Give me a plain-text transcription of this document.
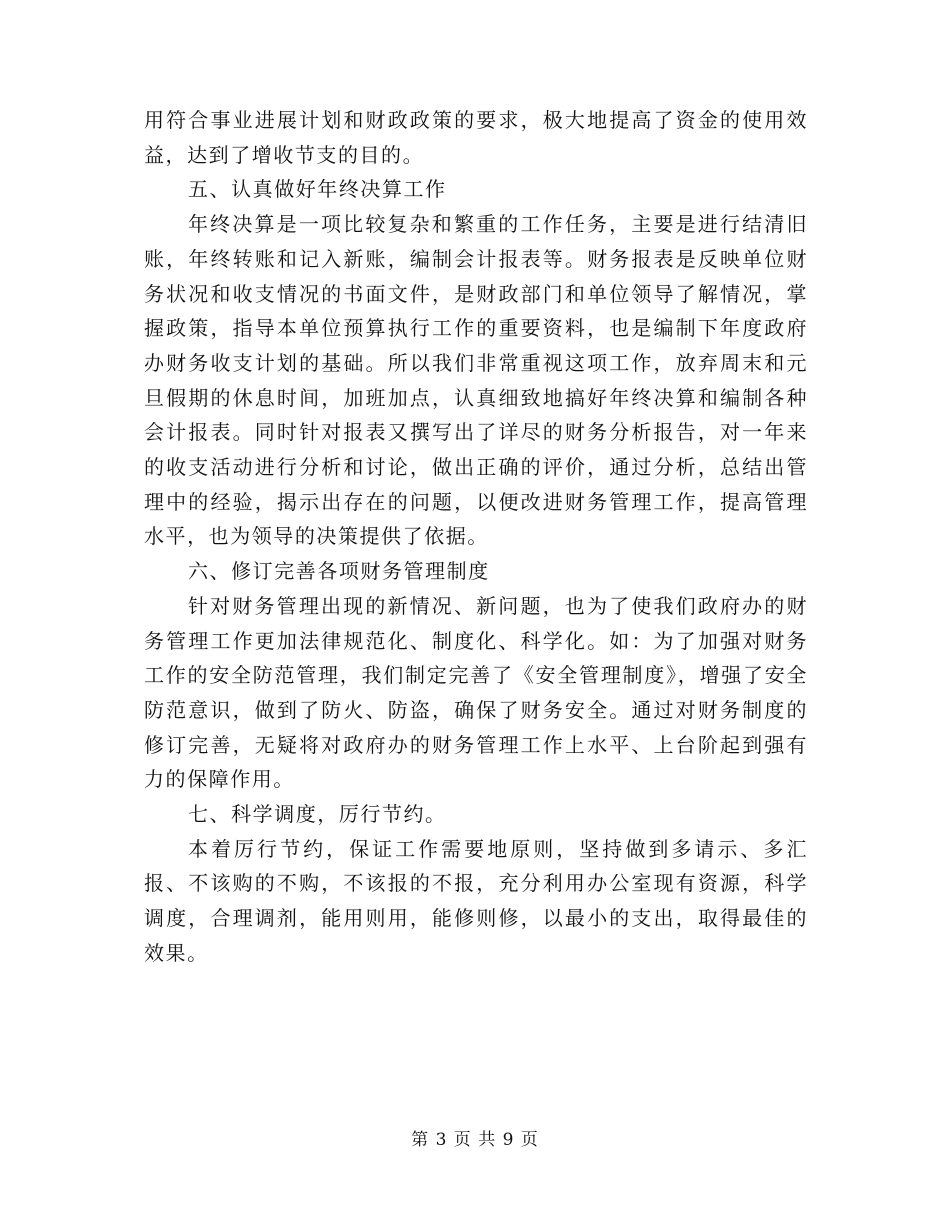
用符合事业进展计划和财政政策的要求，极大地提高了资金的使用效益，达到了增收节支的目的。

五、认真做好年终决算工作

年终决算是一项比较复杂和繁重的工作任务，主要是进行结清旧账，年终转账和记入新账，编制会计报表等。财务报表是反映单位财务状况和收支情况的书面文件，是财政部门和单位领导了解情况，掌握政策，指导本单位预算执行工作的重要资料，也是编制下年度政府办财务收支计划的基础。所以我们非常重视这项工作，放弃周末和元旦假期的休息时间，加班加点，认真细致地搞好年终决算和编制各种会计报表。同时针对报表又撰写出了详尽的财务分析报告，对一年来的收支活动进行分析和讨论，做出正确的评价，通过分析，总结出管理中的经验，揭示出存在的问题，以便改进财务管理工作，提高管理水平，也为领导的决策提供了依据。

六、修订完善各项财务管理制度

针对财务管理出现的新情况、新问题，也为了使我们政府办的财务管理工作更加法律规范化、制度化、科学化。如：为了加强对财务工作的安全防范管理，我们制定完善了《安全管理制度》，增强了安全防范意识，做到了防火、防盗，确保了财务安全。通过对财务制度的修订完善，无疑将对政府办的财务管理工作上水平、上台阶起到强有力的保障作用。

七、科学调度，厉行节约。

本着厉行节约，保证工作需要地原则，坚持做到多请示、多汇报、不该购的不购，不该报的不报，充分利用办公室现有资源，科学调度，合理调剂，能用则用，能修则修，以最小的支出，取得最佳的效果。

第 3 页 共 9 页
